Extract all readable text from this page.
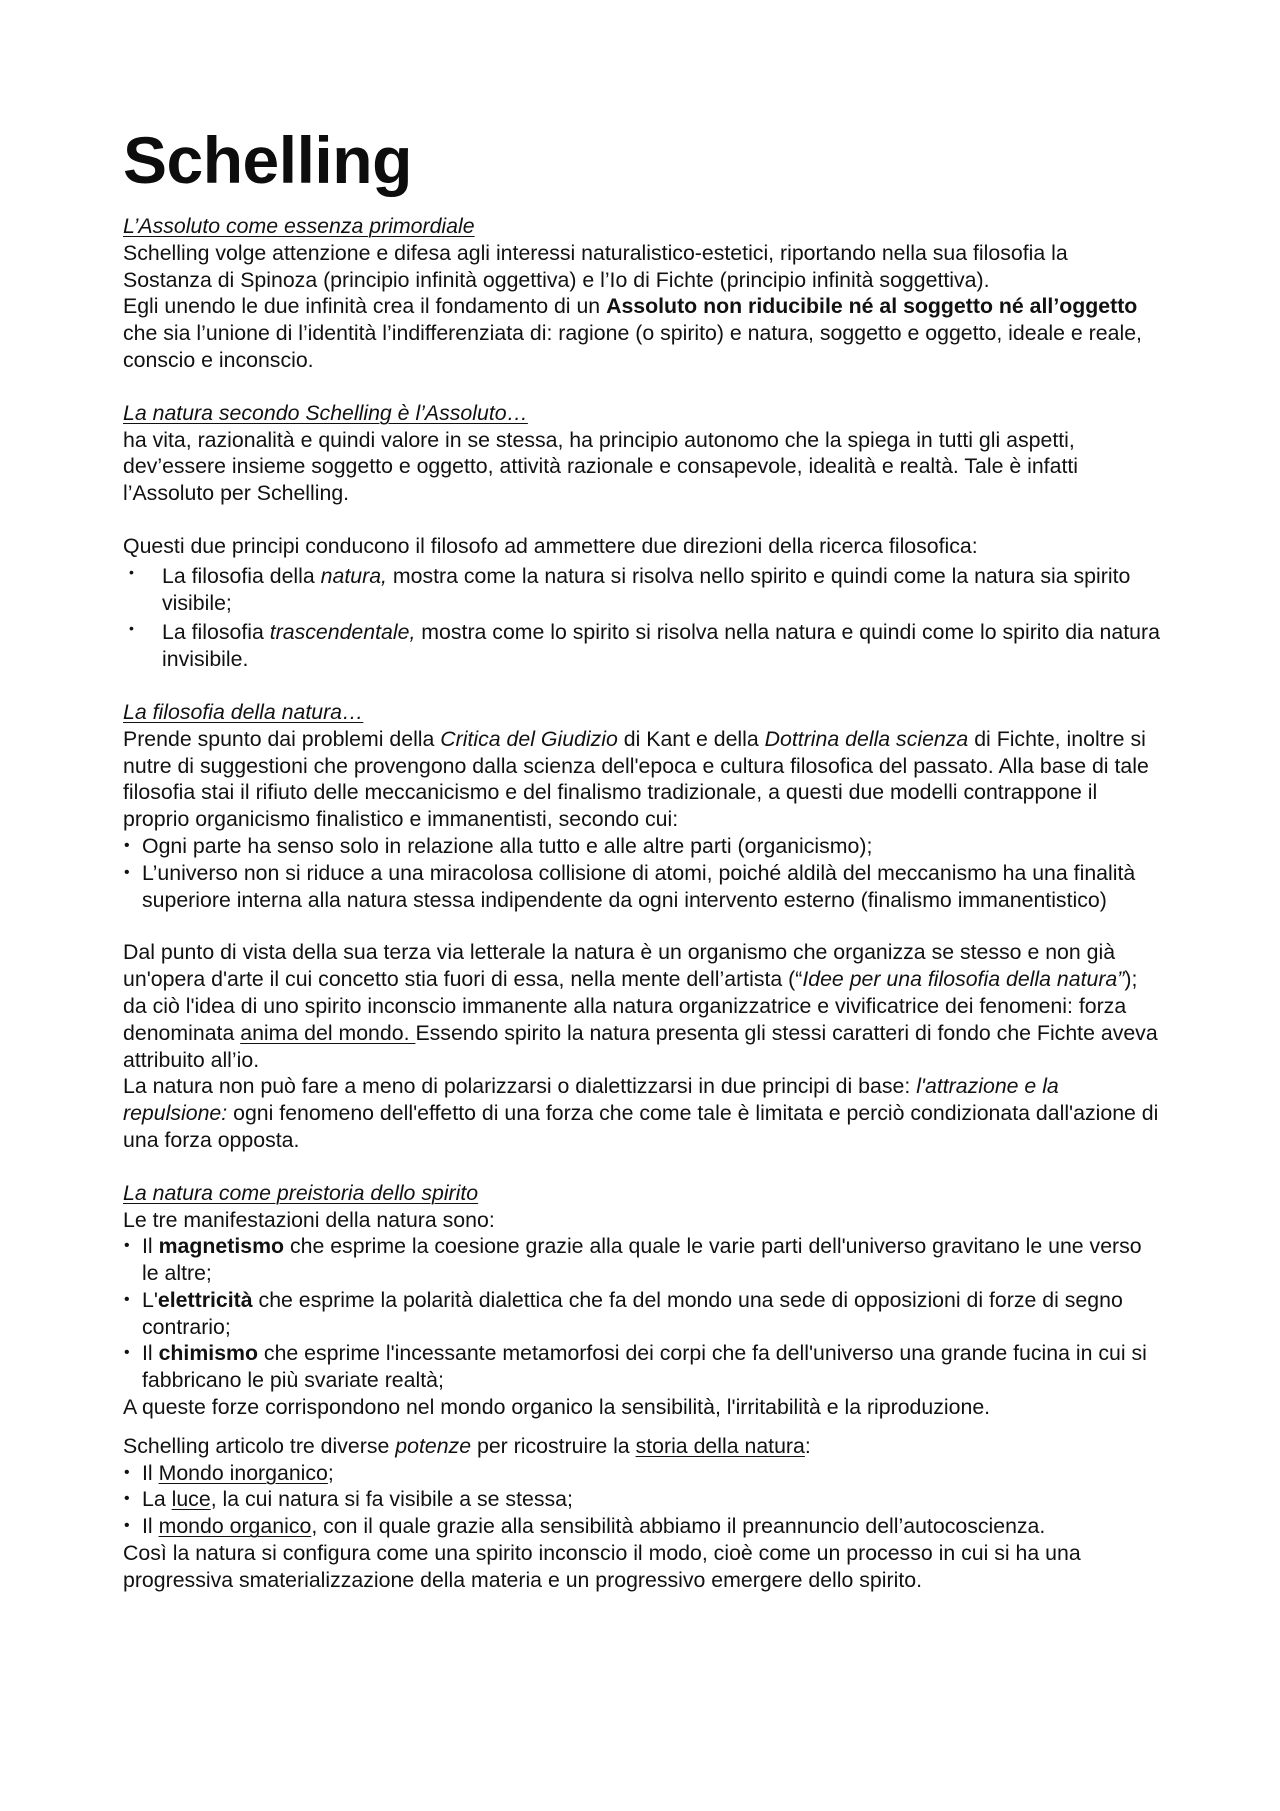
Schelling

L’Assoluto come essenza primordiale

Schelling volge attenzione e difesa agli interessi naturalistico-estetici, riportando nella sua filosofia la Sostanza di Spinoza (principio infinità oggettiva) e l’Io di Fichte (principio infinità soggettiva).

Egli unendo le due infinità crea il fondamento di un Assoluto non riducibile né al soggetto né all’oggetto che sia l’unione di l’identità l’indifferenziata di: ragione (o spirito) e natura, soggetto e oggetto, ideale e reale, conscio e inconscio.

La natura secondo Schelling è l’Assoluto…

ha vita, razionalità e quindi valore in se stessa, ha principio autonomo che la spiega in tutti gli aspetti, dev’essere insieme soggetto e oggetto, attività razionale e consapevole, idealità e realtà. Tale è infatti l’Assoluto per Schelling.

Questi due principi conducono il filosofo ad ammettere due direzioni della ricerca filosofica:

• La filosofia della natura, mostra come la natura si risolva nello spirito e quindi come la natura sia spirito visibile;
• La filosofia trascendentale, mostra come lo spirito si risolva nella natura e quindi come lo spirito dia natura invisibile.

La filosofia della natura…

Prende spunto dai problemi della Critica del Giudizio di Kant e della Dottrina della scienza di Fichte, inoltre si nutre di suggestioni che provengono dalla scienza dell'epoca e cultura filosofica del passato. Alla base di tale filosofia stai il rifiuto delle meccanicismo e del finalismo tradizionale, a questi due modelli contrappone il proprio organicismo finalistico e immanentisti, secondo cui:

• Ogni parte ha senso solo in relazione alla tutto e alle altre parti (organicismo);
• L’universo non si riduce a una miracolosa collisione di atomi, poiché aldilà del meccanismo ha una finalità superiore interna alla natura stessa indipendente da ogni intervento esterno (finalismo immanentistico)

Dal punto di vista della sua terza via letterale la natura è un organismo che organizza se stesso e non già un'opera d'arte il cui concetto stia fuori di essa, nella mente dell’artista (“Idee per una filosofia della natura”); da ciò l'idea di uno spirito inconscio immanente alla natura organizzatrice e vivificatrice dei fenomeni: forza denominata anima del mondo. Essendo spirito la natura presenta gli stessi caratteri di fondo che Fichte aveva attribuito all’io.

La natura non può fare a meno di polarizzarsi o dialettizzarsi in due principi di base: l'attrazione e la repulsione: ogni fenomeno dell'effetto di una forza che come tale è limitata e perciò condizionata dall'azione di una forza opposta.

La natura come preistoria dello spirito

Le tre manifestazioni della natura sono:

• Il magnetismo che esprime la coesione grazie alla quale le varie parti dell'universo gravitano le une verso le altre;
• L'elettricità che esprime la polarità dialettica che fa del mondo una sede di opposizioni di forze di segno contrario;
• Il chimismo che esprime l'incessante metamorfosi dei corpi che fa dell'universo una grande fucina in cui si fabbricano le più svariate realtà;

A queste forze corrispondono nel mondo organico la sensibilità, l'irritabilità e la riproduzione.

Schelling articolo tre diverse potenze per ricostruire la storia della natura:

• Il Mondo inorganico;
• La luce, la cui natura si fa visibile a se stessa;
• Il mondo organico, con il quale grazie alla sensibilità abbiamo il preannuncio dell’autocoscienza.

Così la natura si configura come una spirito inconscio il modo, cioè come un processo in cui si ha una progressiva smaterializzazione della materia e un progressivo emergere dello spirito.
